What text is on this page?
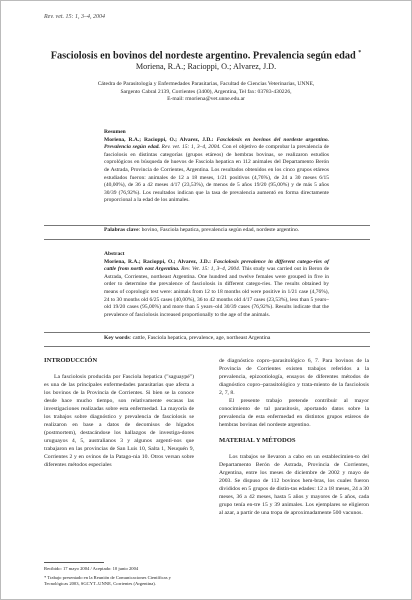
Rev. vet. 15: 1, 3–4, 2004
Fasciolosis en bovinos del nordeste argentino. Prevalencia según edad *
Moriena, R.A.; Racioppi, O.; Alvarez, J.D.
Cátedra de Parasitología y Enfermedades Parasitarias, Facultad de Ciencias Veterinarias, UNNE,
Sargento Cabral 2139, Corrientes (3400), Argentina, Tel fax: 03783-430226,
E-mail: rmoriena@vet.unne.edu.ar
Resumen
Moriena, R.A.; Racioppi, O.; Alvarez, J.D.: Fasciolosis en bovinos del nordeste argentino. Prevalencia según edad. Rev. vet. 15: 1, 3–4, 2004. Con el objetivo de comprobar la prevalencia de fasciolosis en distintas categorías (grupos etáreos) de hembras bovinas, se realizaron estudios coprológicos en búsqueda de huevos de Fasciola hepatica en 112 animales del Departamento Berón de Astrada, Provincia de Corrientes, Argentina. Los resultados obtenidos en los cinco grupos etáreos estudiados fueron: animales de 12 a 18 meses, 1/21 positivos (4,76%), de 24 a 30 meses 6/15 (40,00%), de 36 a 42 meses 4/17 (23,53%), de menos de 5 años 19/20 (95,00%) y de más 5 años 30/39 (76,92%). Los resultados indican que la tasa de prevalencia aumentó en forma directamente proporcional a la edad de los animales.
Palabras clave: bovino, Fasciola hepatica, prevalencia según edad, nordeste argentino.
Abstract
Moriena, R.A.; Racioppi, O.; Alvarez, J.D.: Fasciolosis prevalence in different catego-ries of cattle from north east Argentina. Rev. Vet. 15: 1, 3–4, 2004. This study was carried out in Beron de Astrada, Corrientes, northeast Argentina. One hundred and twelve females were grouped in five in order to determine the prevalence of fasciolosis in different catego-ries. The results obtained by means of coprologic test were: animals from 12 to 18 months old were positive in 1/21 case (4,76%), 24 to 30 months old 6/25 cases (40,00%), 36 to 42 months old 4/17 cases (23,53%), less than 5 years–old 19/20 cases (95,00%) and more than 5 years–old 30/39 cases (76,92%). Results indicate that the prevalence of fasciolosis increased proportionally to the age of the animals.
Key words: cattle, Fasciola hepatica, prevalence, age, northeast Argentina
INTRODUCCIÓN

La fasciolosis producida por Fasciola hepatica ("saguaypé") es una de las principales enfermedades parasitarias que afecta a los bovinos de la Provincia de Corrientes. Si bien se la conoce desde hace mucho tiempo, son relativamente escasas las investigaciones realizadas sobre esta enfermedad. La mayoría de los trabajos sobre diagnóstico y prevalencia de fasciolosis se realizaron en base a datos de decomisos de hígados (postmortem), destacándose los hallazgos de investiga-dores uruguayos 4, 5, australianos 3 y algunos argenti-nos que trabajaron en las provincias de San Luis 10, Salta 1, Neuquén 9, Corrientes 2 y en ovinos de la Patago-nia 10. Otros versan sobre diferentes métodos especiales

de diagnóstico copro–parasitológico 6, 7. Para bovinos de la Provincia de Corrientes existen trabajos referidos a la prevalencia, epizootiología, ensayos de diferentes métodos de diagnóstico copro–parasitológico y trata-miento de la fasciolosis 2, 7, 8.

El presente trabajo pretende contribuir al mayor conocimiento de tal parasitosis, aportando datos sobre la prevalencia de esta enfermedad en distintos grupos etáreos de hembras bovinas del nordeste argentino.

MATERIAL Y MÉTODOS

Los trabajos se llevaron a cabo en un establecimien-to del Departamento Berón de Astrada, Provincia de Corrientes, Argentina, entre los meses de diciembre de 2002 y mayo de 2003. Se dispuso de 112 bovinos hem-bras, los cuales fueron divididos en 5 grupos de distin-tas edades: 12 a 18 meses, 24 a 30 meses, 36 a 42 meses, hasta 5 años y mayores de 5 años, cada grupo tenía en-tre 15 y 39 animales. Los ejemplares se eligieron al azar, a partir de una tropa de aproximadamente 500 vacunos.

Recibido: 17 mayo 2004 / Aceptado: 10 junio 2004

* Trabajo presentado en la Reunión de Comunicaciones Científicas y Tecnológicas 2003, SGCYT–UNNE, Corrientes (Argentina).
